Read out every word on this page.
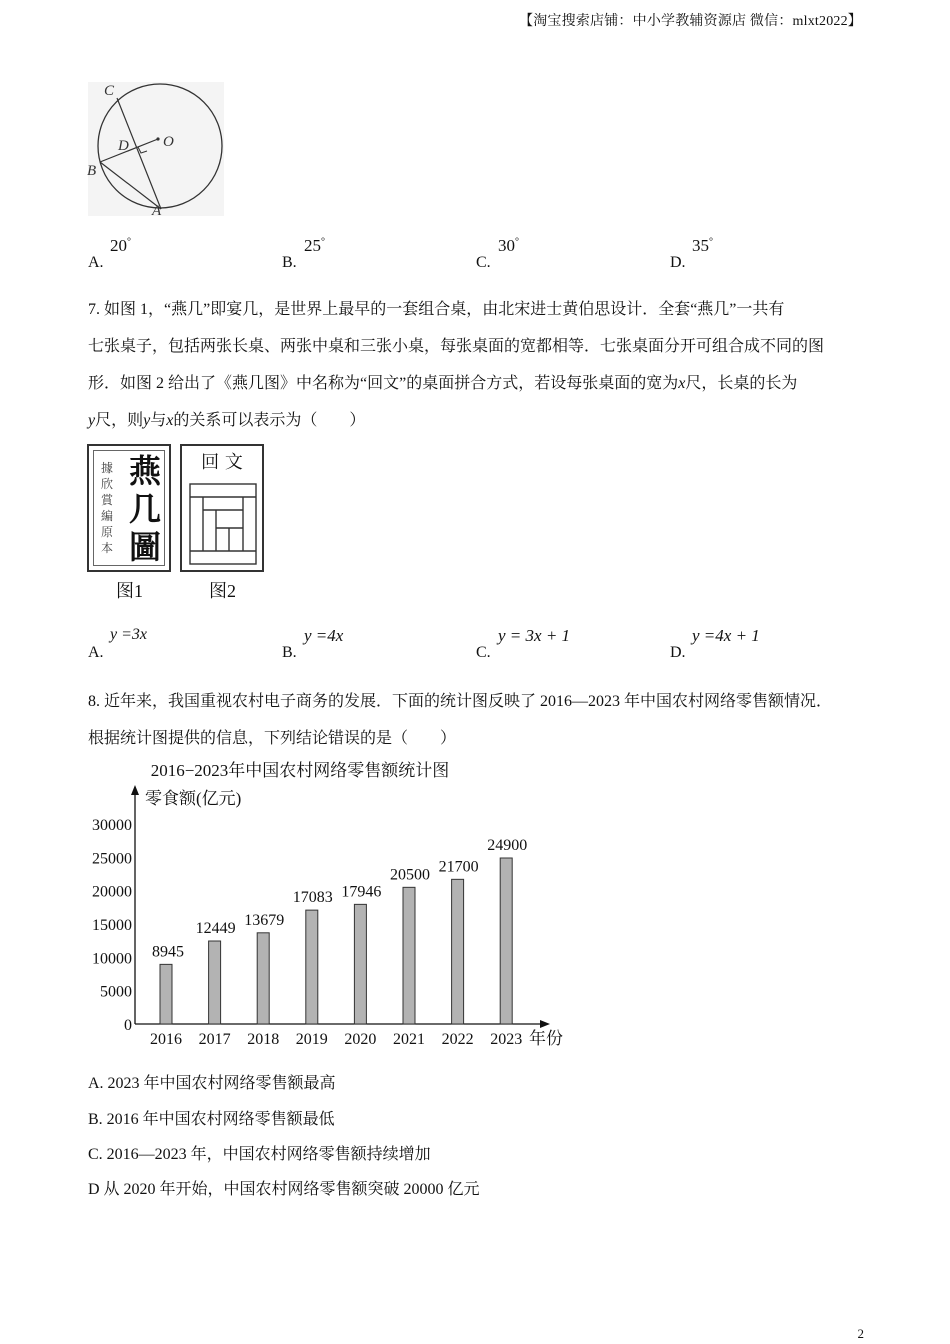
【淘宝搜索店铺：中小学教辅资源店 微信：mlxt2022】
C
D O
B
A
A.
20°
B.
25°
C.
30°
D.
35°
7. 如图 1，“燕几”即宴几，是世界上最早的一套组合桌，由北宋进士黄伯思设计．全套“燕几”一共有
七张桌子，包括两张长桌、两张中桌和三张小桌，每张桌面的宽都相等．七张桌面分开可组合成不同的图
形．如图 2 给出了《燕几图》中名称为“回文”的桌面拼合方式，若设每张桌面的宽为x尺，长桌的长为
y尺，则y与x的关系可以表示为（　　）
據
欣
賞
編
原
本
燕
几
圖
图1
回 文
图2
A.
y =3x
B.
y =4x
C.
y = 3x + 1
D.
y =4x + 1
8. 近年来，我国重视农村电子商务的发展．下面的统计图反映了 2016—2023 年中国农村网络零售额情况．
根据统计图提供的信息，下列结论错误的是（　　）
2016−2023年中国农村网络零售额统计图
零食额(亿元)
年份
0
5000
10000
15000
20000
25000
30000
8945
12449 13679
17083 17946
20500 21700
24900
2016 2017 2018 2019 2020 2021 2022 2023
A. 2023 年中国农村网络零售额最高
B. 2016 年中国农村网络零售额最低
C. 2016—2023 年，中国农村网络零售额持续增加
D 从 2020 年开始，中国农村网络零售额突破 20000 亿元
2
